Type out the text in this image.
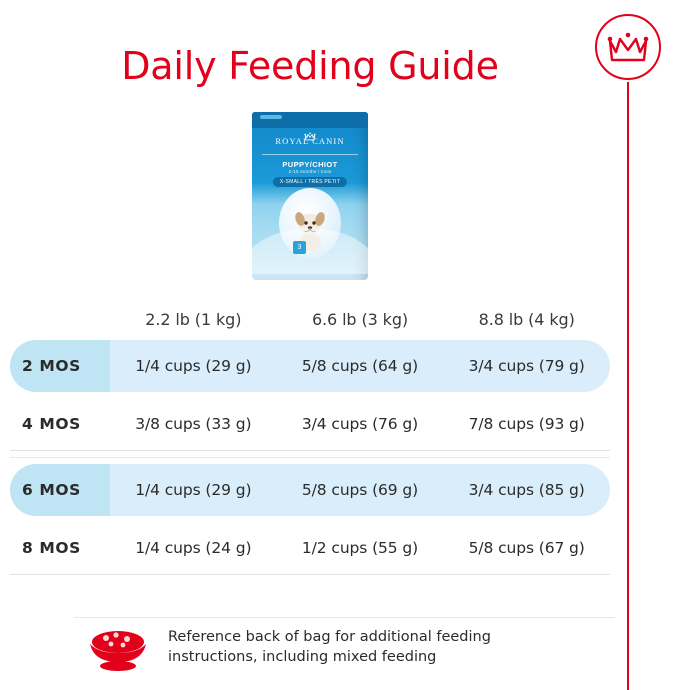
Daily Feeding Guide
ROYAL CANIN
PUPPY/CHIOT
2-10 months / mois
X-SMALL / TRÈS PETIT
3
2.2 lb (1 kg)	6.6 lb (3 kg)	8.8 lb (4 kg)
2 MOS	1/4 cups (29 g)	5/8 cups (64 g)	3/4 cups (79 g)
4 MOS	3/8 cups (33 g)	3/4 cups (76 g)	7/8 cups (93 g)
6 MOS	1/4 cups (29 g)	5/8 cups (69 g)	3/4 cups (85 g)
8 MOS	1/4 cups (24 g)	1/2 cups (55 g)	5/8 cups (67 g)
Reference back of bag for additional feeding instructions, including mixed feeding
